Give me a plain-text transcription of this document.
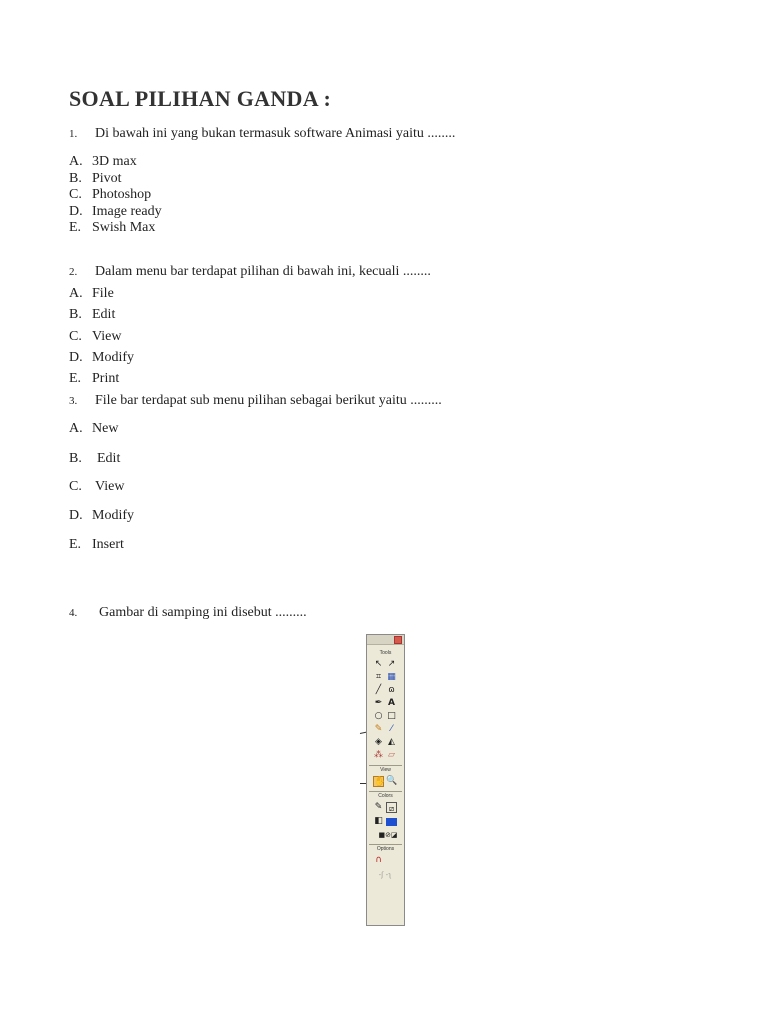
SOAL PILIHAN GANDA :
1. Di bawah ini yang bukan termasuk software Animasi yaitu ........
A. 3D max
B. Pivot
C. Photoshop
D. Image ready
E. Swish Max
2. Dalam menu bar terdapat pilihan di bawah ini, kecuali ........
A. File
B. Edit
C. View
D. Modify
E. Print
3. File bar terdapat sub menu pilihan sebagai berikut yaitu .........
A. New
B. Edit
C. View
D. Modify
E. Insert
4. Gambar di samping ini disebut .........
Tools
↖ ↗
⌗ ▦
╱ ɷ
✒ A
○ □
✎ ⁄
◈ ◭
⁂ ▱
View
✋ 🔍
Colors
✎ ⧄
◧
■⊘◪
Options
∩
-ʃ -ʅ
